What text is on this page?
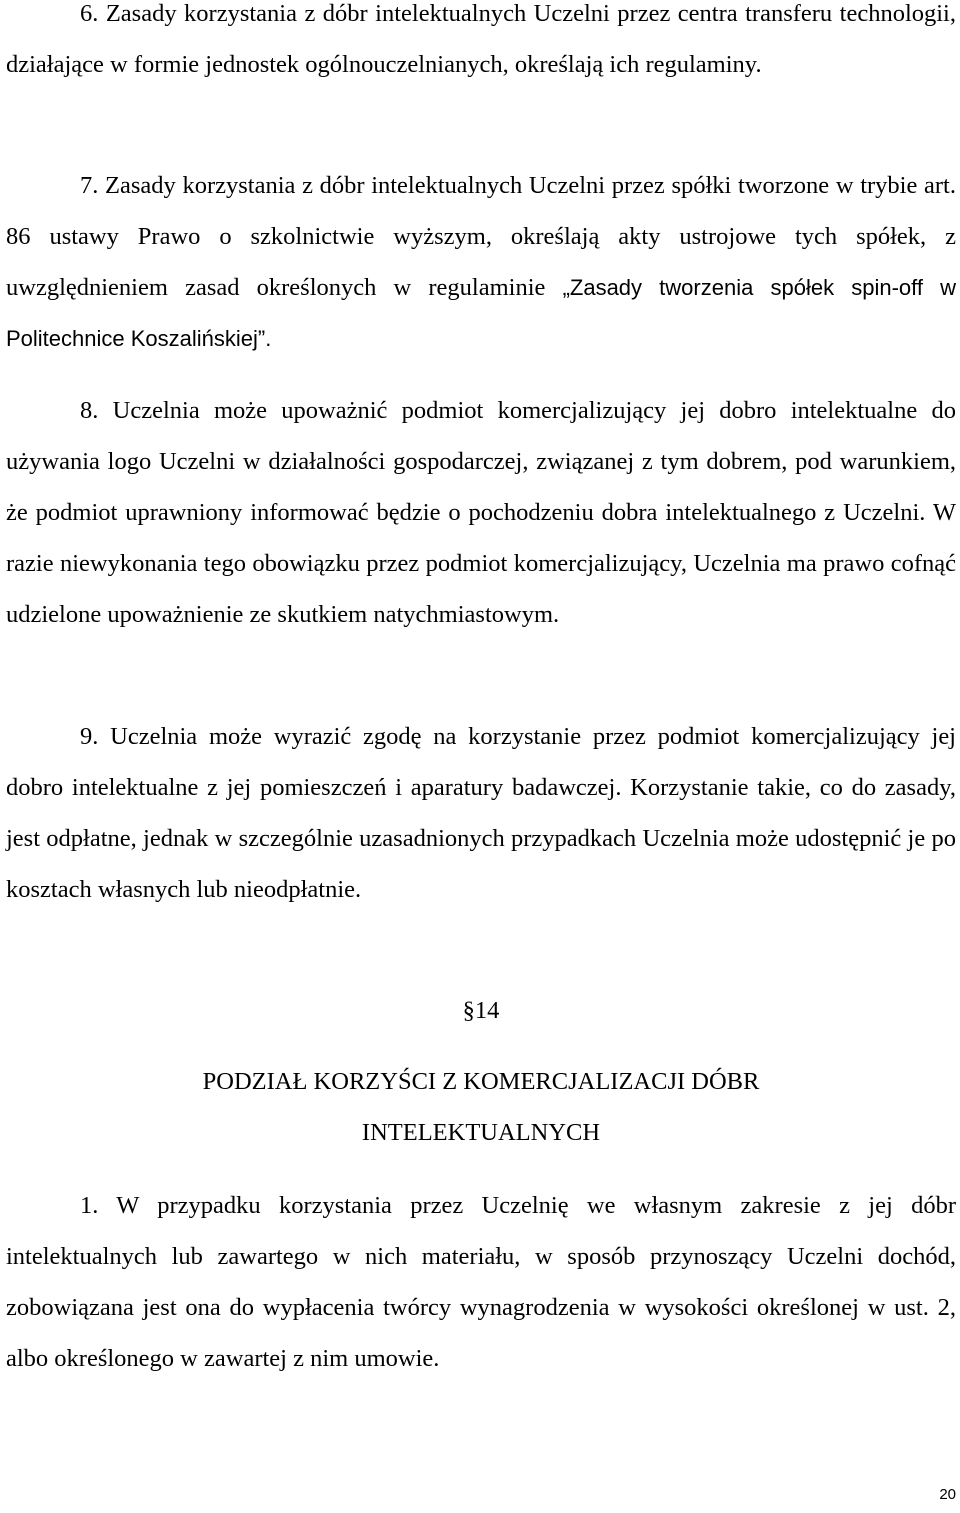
6. Zasady korzystania z dóbr intelektualnych Uczelni przez centra transferu technologii, działające w formie jednostek ogólnouczelnianych, określają ich regulaminy.

7. Zasady korzystania z dóbr intelektualnych Uczelni przez spółki tworzone w trybie art. 86 ustawy Prawo o szkolnictwie wyższym, określają akty ustrojowe tych spółek, z uwzględnieniem zasad określonych w regulaminie „Zasady tworzenia spółek spin-off w Politechnice Koszalińskiej”.

8. Uczelnia może upoważnić podmiot komercjalizujący jej dobro intelektualne do używania logo Uczelni w działalności gospodarczej, związanej z tym dobrem, pod warunkiem, że podmiot uprawniony informować będzie o pochodzeniu dobra intelektualnego z Uczelni. W razie niewykonania tego obowiązku przez podmiot komercjalizujący, Uczelnia ma prawo cofnąć udzielone upoważnienie ze skutkiem natychmiastowym.

9. Uczelnia może wyrazić zgodę na korzystanie przez podmiot komercjalizujący jej dobro intelektualne z jej pomieszczeń i aparatury badawczej. Korzystanie takie, co do zasady, jest odpłatne, jednak w szczególnie uzasadnionych przypadkach Uczelnia może udostępnić je po kosztach własnych lub nieodpłatnie.

§14

PODZIAŁ KORZYŚCI Z KOMERCJALIZACJI DÓBR INTELEKTUALNYCH

1. W przypadku korzystania przez Uczelnię we własnym zakresie z jej dóbr intelektualnych lub zawartego w nich materiału, w sposób przynoszący Uczelni dochód, zobowiązana jest ona do wypłacenia twórcy wynagrodzenia w wysokości określonej w ust. 2, albo określonego w zawartej z nim umowie.

20
